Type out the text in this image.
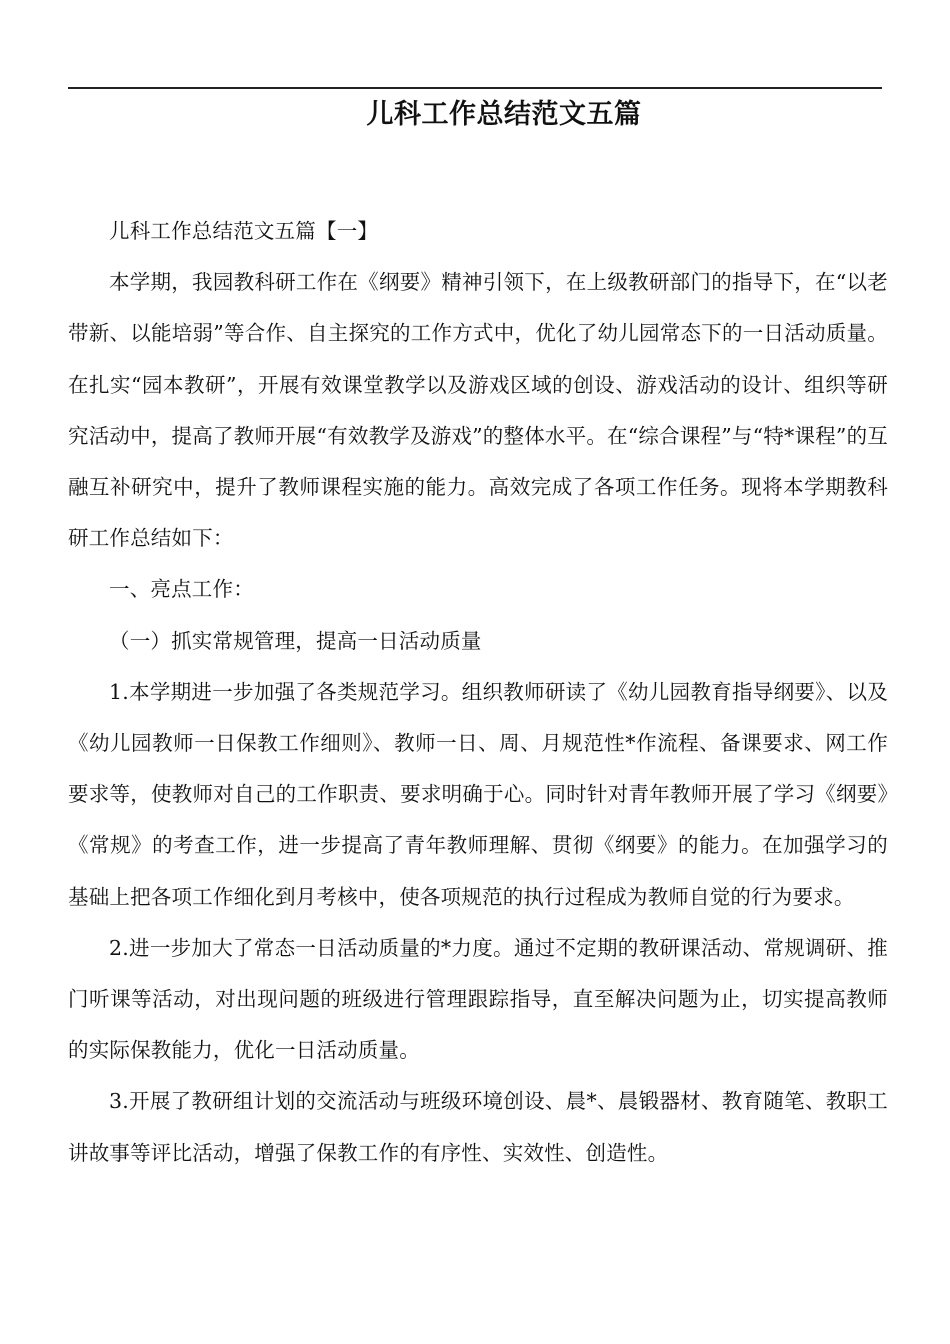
儿科工作总结范文五篇

儿科工作总结范文五篇【一】

本学期，我园教科研工作在《纲要》精神引领下，在上级教研部门的指导下，在“以老带新、以能培弱”等合作、自主探究的工作方式中，优化了幼儿园常态下的一日活动质量。在扎实“园本教研”，开展有效课堂教学以及游戏区域的创设、游戏活动的设计、组织等研究活动中，提高了教师开展“有效教学及游戏”的整体水平。在“综合课程”与“特*课程”的互融互补研究中，提升了教师课程实施的能力。高效完成了各项工作任务。现将本学期教科研工作总结如下：

一、亮点工作：

（一）抓实常规管理，提高一日活动质量

1.本学期进一步加强了各类规范学习。组织教师研读了《幼儿园教育指导纲要》、以及《幼儿园教师一日保教工作细则》、教师一日、周、月规范性*作流程、备课要求、网工作要求等，使教师对自己的工作职责、要求明确于心。同时针对青年教师开展了学习《纲要》《常规》的考查工作，进一步提高了青年教师理解、贯彻《纲要》的能力。在加强学习的基础上把各项工作细化到月考核中，使各项规范的执行过程成为教师自觉的行为要求。

2.进一步加大了常态一日活动质量的*力度。通过不定期的教研课活动、常规调研、推门听课等活动，对出现问题的班级进行管理跟踪指导，直至解决问题为止，切实提高教师的实际保教能力，优化一日活动质量。

3.开展了教研组计划的交流活动与班级环境创设、晨*、晨锻器材、教育随笔、教职工讲故事等评比活动，增强了保教工作的有序性、实效性、创造性。
